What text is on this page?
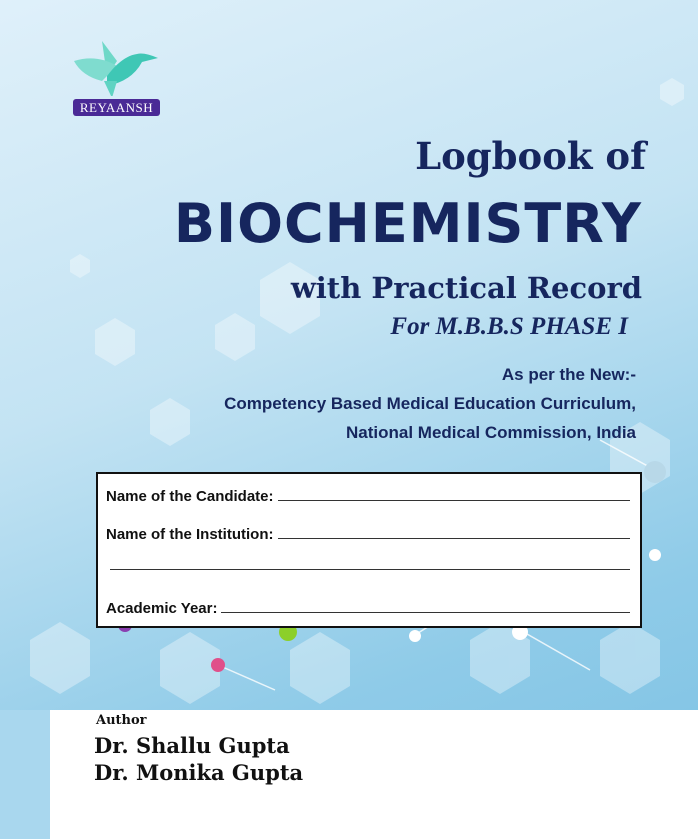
REYAANSH
Logbook of
BIOCHEMISTRY
with Practical Record
For M.B.B.S PHASE I
As per the New:-
Competency Based Medical Education Curriculum,
National Medical Commission, India
Name of the Candidate:
Name of the Institution:
Academic Year:
Author
Dr. Shallu Gupta
Dr. Monika Gupta
